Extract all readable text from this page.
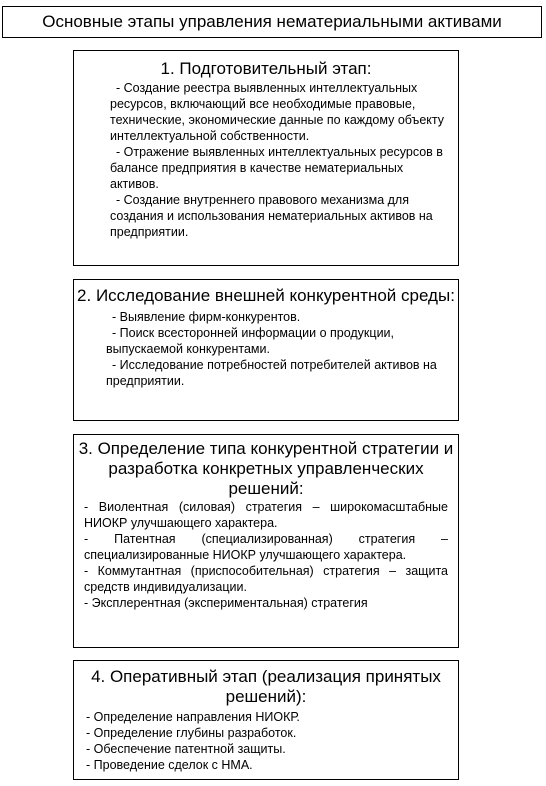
Основные этапы управления нематериальными активами
1. Подготовительный этап:

- Создание реестра выявленных интеллектуальных ресурсов, включающий все необходимые правовые, технические, экономические данные по каждому объекту интеллектуальной собственности.

- Отражение выявленных интеллектуальных ресурсов в балансе предприятия в качестве нематериальных активов.

- Создание внутреннего правового механизма для создания и использования нематериальных активов на предприятии.

2. Исследование внешней конкурентной среды:

- Выявление фирм-конкурентов.

- Поиск всесторонней информации о продукции, выпускаемой конкурентами.

- Исследование потребностей потребителей активов на предприятии.

3. Определение типа конкурентной стратегии и разработка конкретных управленческих решений:

- Виолентная (силовая) стратегия – широкомасштабные НИОКР улучшающего характера.

- Патентная (специализированная) стратегия – специализированные НИОКР улучшающего характера.

- Коммутантная (приспособительная) стратегия – защита средств индивидуализации.

- Эксплерентная (экспериментальная) стратегия

4. Оперативный этап (реализация принятых решений):

- Определение направления НИОКР.

- Определение глубины разработок.

- Обеспечение патентной защиты.

- Проведение сделок с НМА.
